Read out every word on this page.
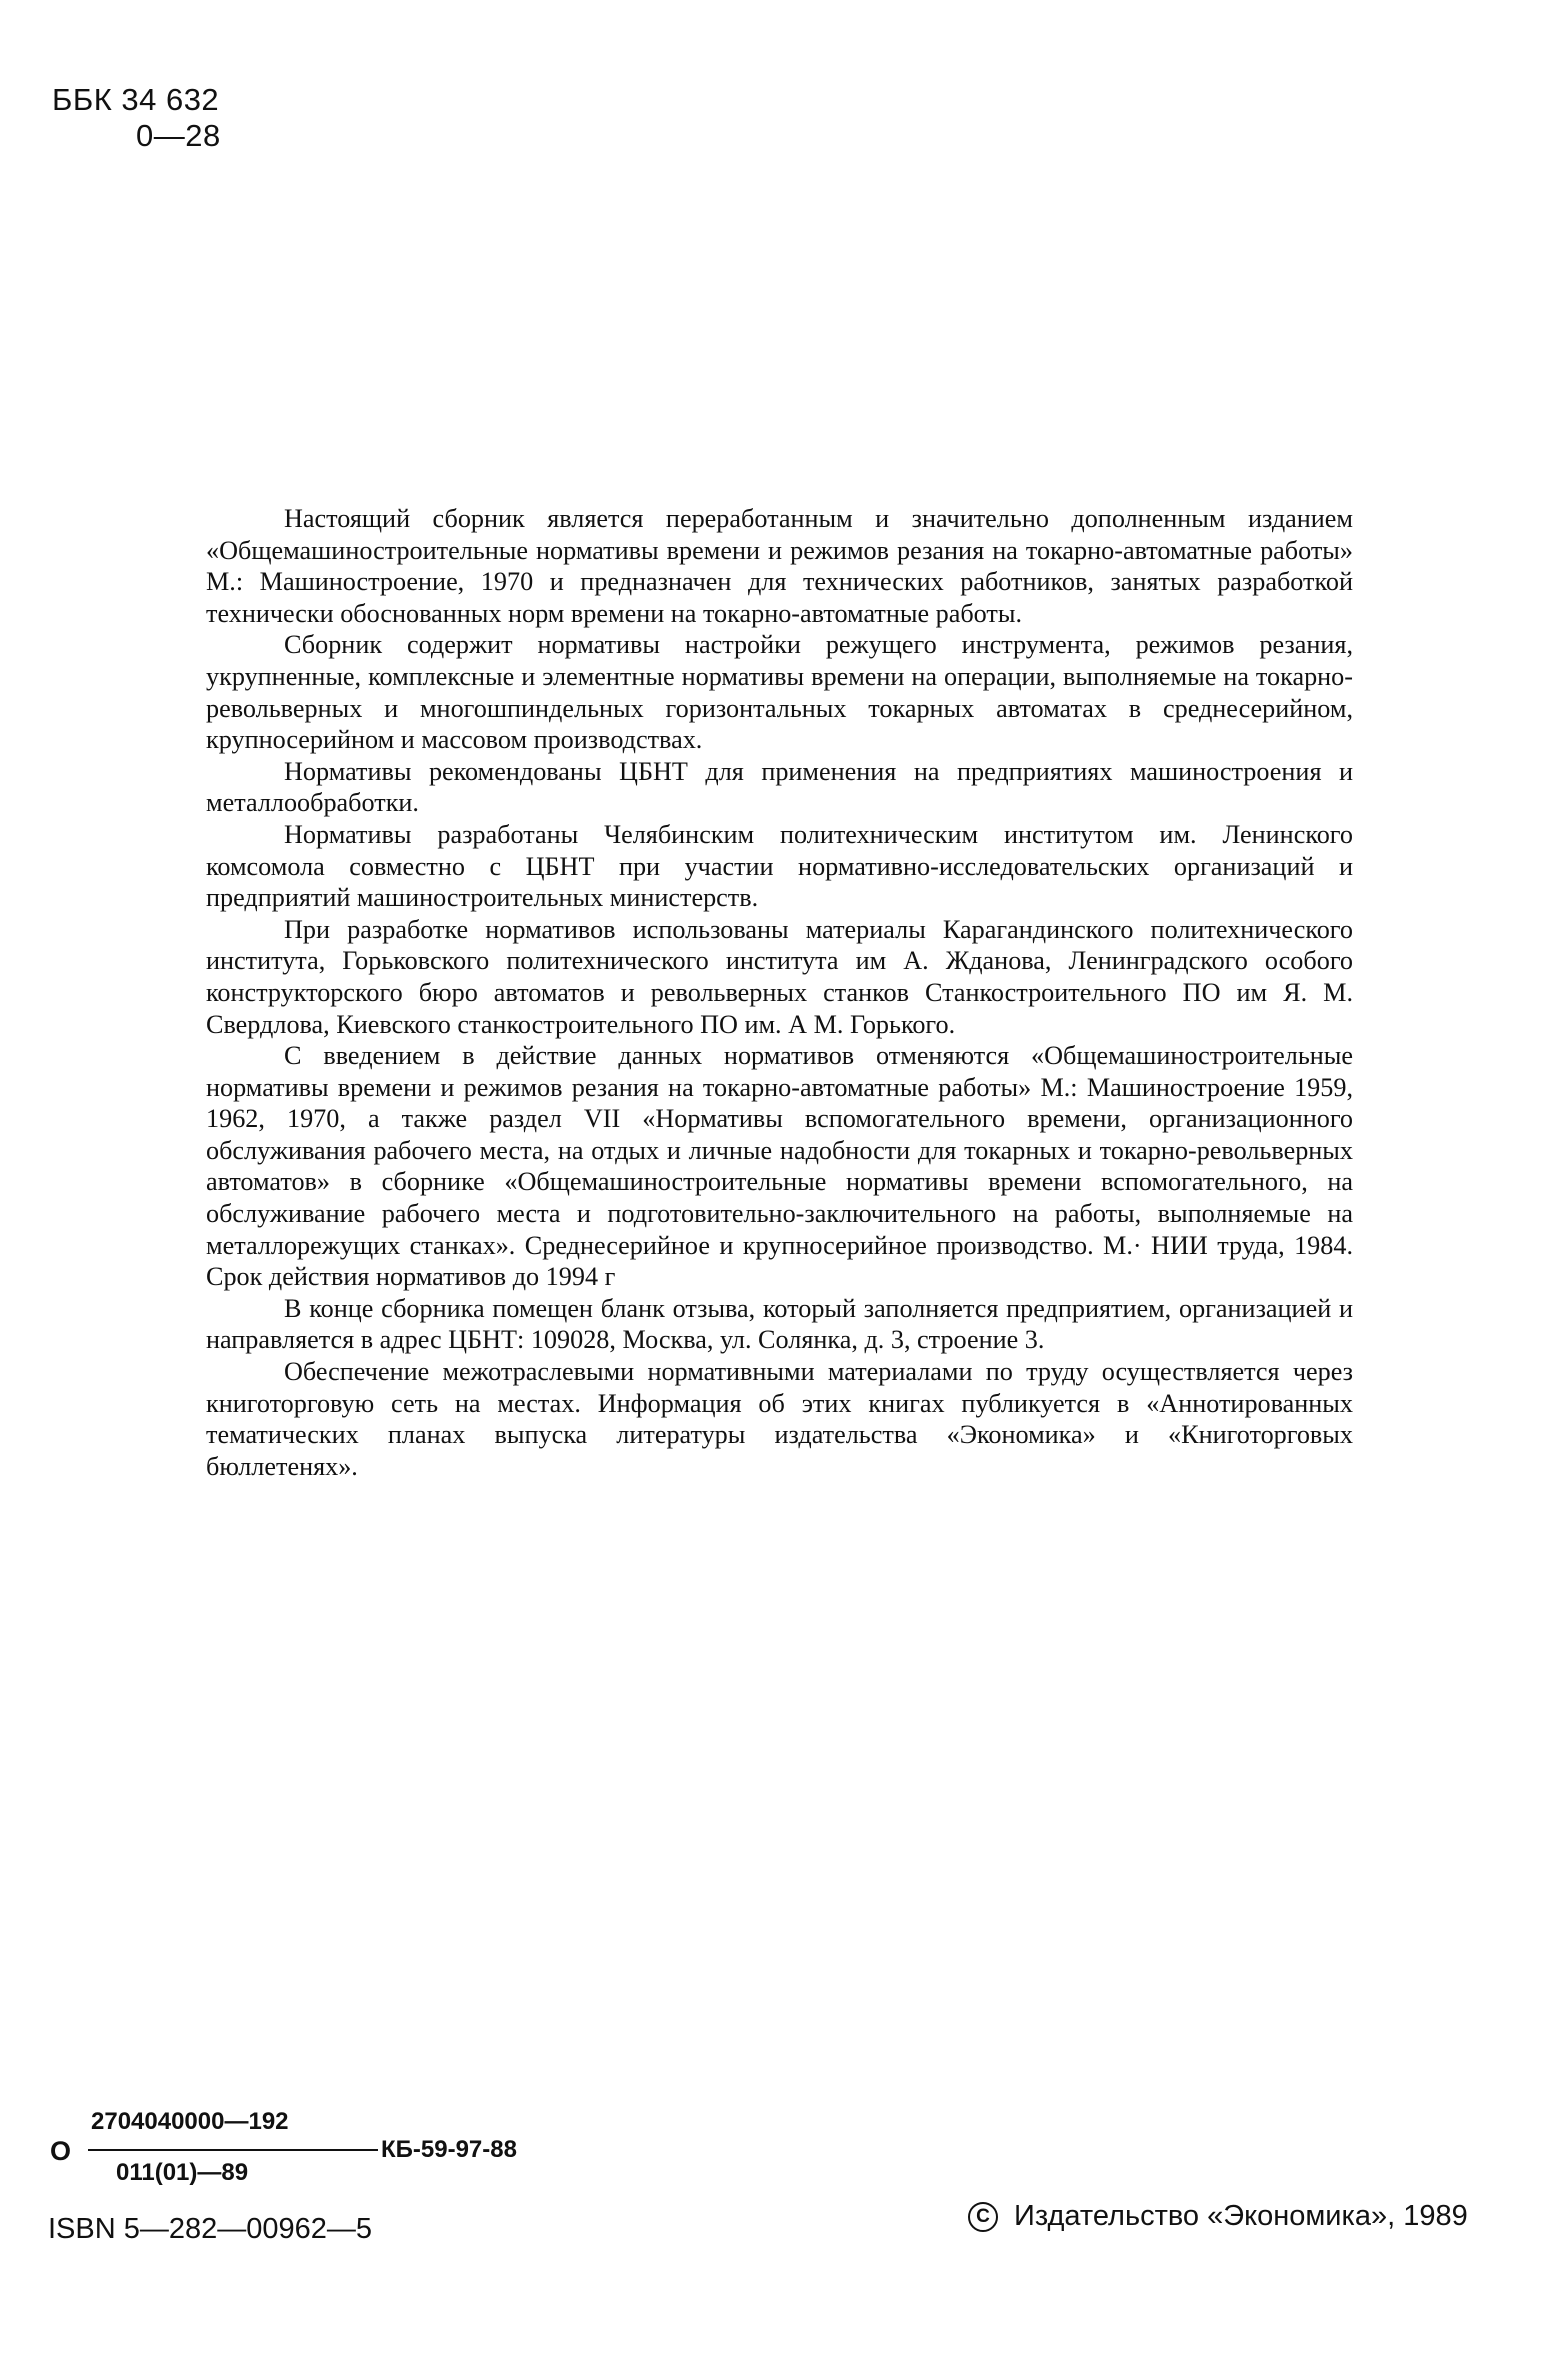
ББК 34 632
0—28

Настоящий сборник является переработанным и значительно дополненным изданием «Общемашиностроительные нормативы времени и режимов резания на токарно-автоматные работы» М.: Машиностроение, 1970 и предназначен для технических работников, занятых разработкой технически обоснованных норм времени на токарно-автоматные работы.

Сборник содержит нормативы настройки режущего инструмента, режимов резания, укрупненные, комплексные и элементные нормативы времени на операции, выполняемые на токарно-револьверных и многошпиндельных горизонтальных токарных автоматах в среднесерийном, крупносерийном и массовом производствах.

Нормативы рекомендованы ЦБНТ для применения на предприятиях машиностроения и металлообработки.

Нормативы разработаны Челябинским политехническим институтом им. Ленинского комсомола совместно с ЦБНТ при участии нормативно-исследовательских организаций и предприятий машиностроительных министерств.

При разработке нормативов использованы материалы Карагандинского политехнического института, Горьковского политехнического института им А. Жданова, Ленинградского особого конструкторского бюро автоматов и револьверных станков Станкостроительного ПО им Я. М. Свердлова, Киевского станкостроительного ПО им. А М. Горького.

С введением в действие данных нормативов отменяются «Общемашиностроительные нормативы времени и режимов резания на токарно-автоматные работы» М.: Машиностроение 1959, 1962, 1970, а также раздел VII «Нормативы вспомогательного времени, организационного обслуживания рабочего места, на отдых и личные надобности для токарных и токарно-револьверных автоматов» в сборнике «Общемашиностроительные нормативы времени вспомогательного, на обслуживание рабочего места и подготовительно-заключительного на работы, выполняемые на металлорежущих станках». Среднесерийное и крупносерийное производство. М.· НИИ труда, 1984. Срок действия нормативов до 1994 г

В конце сборника помещен бланк отзыва, который заполняется предприятием, организацией и направляется в адрес ЦБНТ: 109028, Москва, ул. Солянка, д. 3, строение 3.

Обеспечение межотраслевыми нормативными материалами по труду осуществляется через книготорговую сеть на местах. Информация об этих книгах публикуется в «Аннотированных тематических планах выпуска литературы издательства «Экономика» и «Книготорговых бюллетенях».

О
2704040000—192
011(01)—89
КБ-59-97-88
ISBN 5—282—00962—5	C Издательство «Экономика», 1989
